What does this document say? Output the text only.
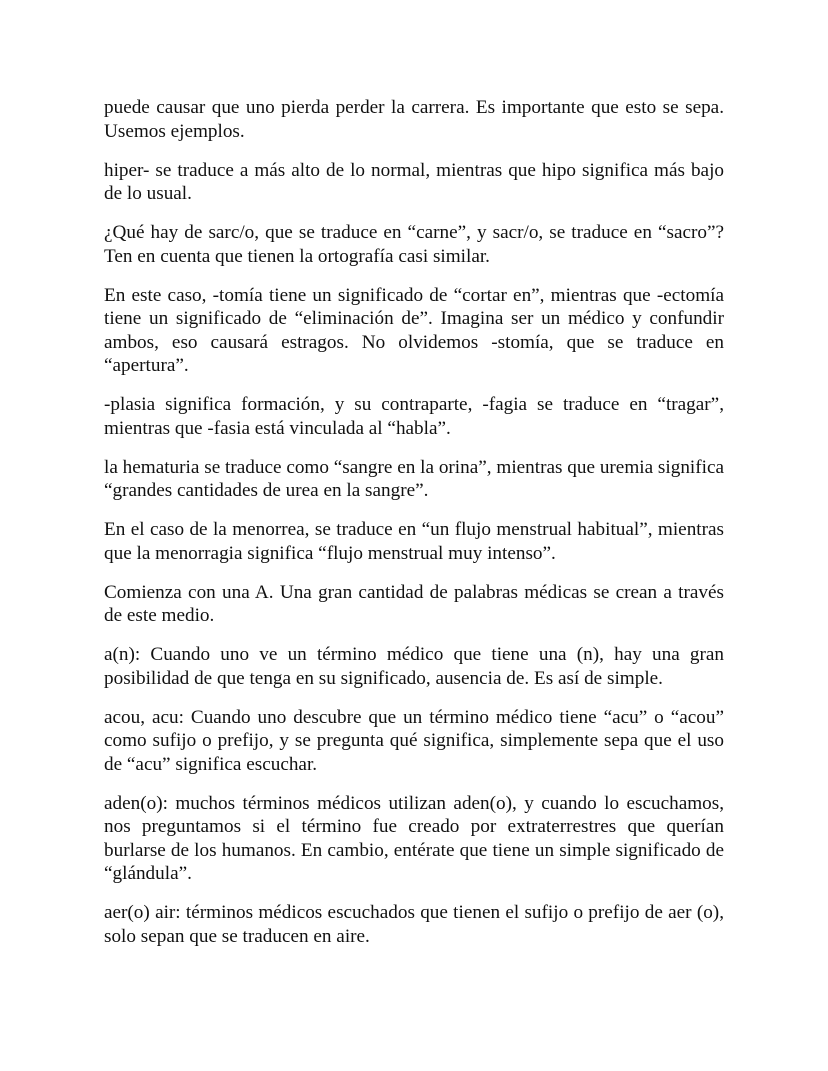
puede causar que uno pierda perder la carrera. Es importante que esto se sepa. Usemos ejemplos.

hiper- se traduce a más alto de lo normal, mientras que hipo significa más bajo de lo usual.

¿Qué hay de sarc/o, que se traduce en “carne”, y sacr/o, se traduce en “sacro”? Ten en cuenta que tienen la ortografía casi similar.

En este caso, -tomía tiene un significado de “cortar en”, mientras que -ectomía tiene un significado de “eliminación de”. Imagina ser un médico y confundir ambos, eso causará estragos. No olvidemos -stomía, que se traduce en “apertura”.

-plasia significa formación, y su contraparte, -fagia se traduce en “tragar”, mientras que -fasia está vinculada al “habla”.

la hematuria se traduce como “sangre en la orina”, mientras que uremia significa “grandes cantidades de urea en la sangre”.

En el caso de la menorrea, se traduce en “un flujo menstrual habitual”, mientras que la menorragia significa “flujo menstrual muy intenso”.

Comienza con una A. Una gran cantidad de palabras médicas se crean a través de este medio.

a(n): Cuando uno ve un término médico que tiene una (n), hay una gran posibilidad de que tenga en su significado, ausencia de. Es así de simple.

acou, acu: Cuando uno descubre que un término médico tiene “acu” o “acou” como sufijo o prefijo, y se pregunta qué significa, simplemente sepa que el uso de “acu” significa escuchar.

aden(o): muchos términos médicos utilizan aden(o), y cuando lo escuchamos, nos preguntamos si el término fue creado por extraterrestres que querían burlarse de los humanos. En cambio, entérate que tiene un simple significado de “glándula”.

aer(o) air: términos médicos escuchados que tienen el sufijo o prefijo de aer (o), solo sepan que se traducen en aire.
